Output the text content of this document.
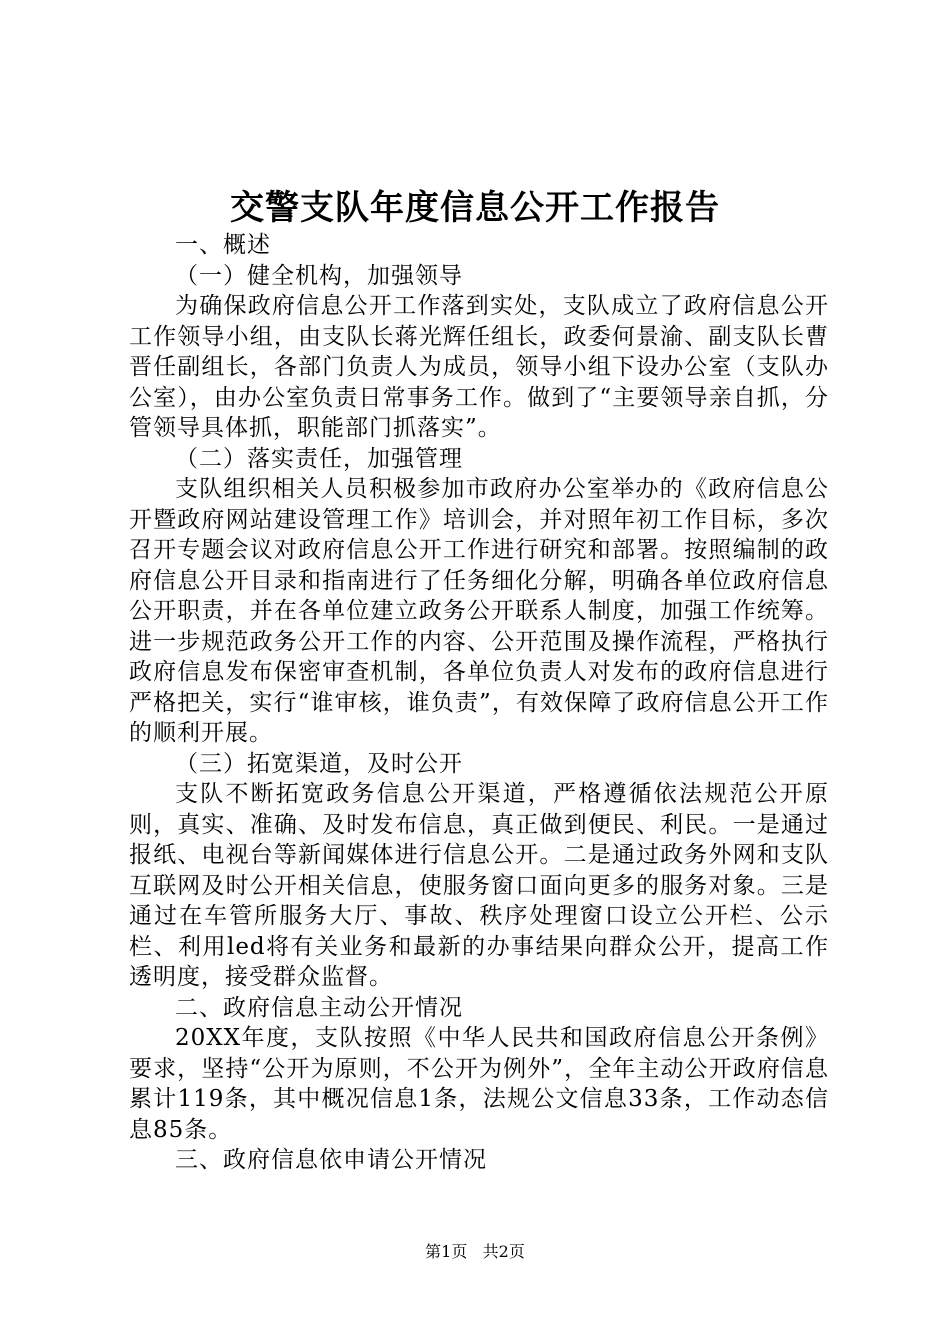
交警支队年度信息公开工作报告

一、概述

（一）健全机构，加强领导

为确保政府信息公开工作落到实处，支队成立了政府信息公开工作领导小组，由支队长蒋光辉任组长，政委何景渝、副支队长曹晋任副组长，各部门负责人为成员，领导小组下设办公室（支队办公室），由办公室负责日常事务工作。做到了“主要领导亲自抓，分管领导具体抓，职能部门抓落实”。

（二）落实责任，加强管理

支队组织相关人员积极参加市政府办公室举办的《政府信息公开暨政府网站建设管理工作》培训会，并对照年初工作目标，多次召开专题会议对政府信息公开工作进行研究和部署。按照编制的政府信息公开目录和指南进行了任务细化分解，明确各单位政府信息公开职责，并在各单位建立政务公开联系人制度，加强工作统筹。进一步规范政务公开工作的内容、公开范围及操作流程，严格执行政府信息发布保密审查机制，各单位负责人对发布的政府信息进行严格把关，实行“谁审核，谁负责”，有效保障了政府信息公开工作的顺利开展。

（三）拓宽渠道，及时公开

支队不断拓宽政务信息公开渠道，严格遵循依法规范公开原则，真实、准确、及时发布信息，真正做到便民、利民。一是通过报纸、电视台等新闻媒体进行信息公开。二是通过政务外网和支队互联网及时公开相关信息，使服务窗口面向更多的服务对象。三是通过在车管所服务大厅、事故、秩序处理窗口设立公开栏、公示栏、利用led将有关业务和最新的办事结果向群众公开，提高工作透明度，接受群众监督。

二、政府信息主动公开情况

20XX年度，支队按照《中华人民共和国政府信息公开条例》要求，坚持“公开为原则，不公开为例外”，全年主动公开政府信息累计119条，其中概况信息1条，法规公文信息33条，工作动态信息85条。

三、政府信息依申请公开情况

第1页 共2页
